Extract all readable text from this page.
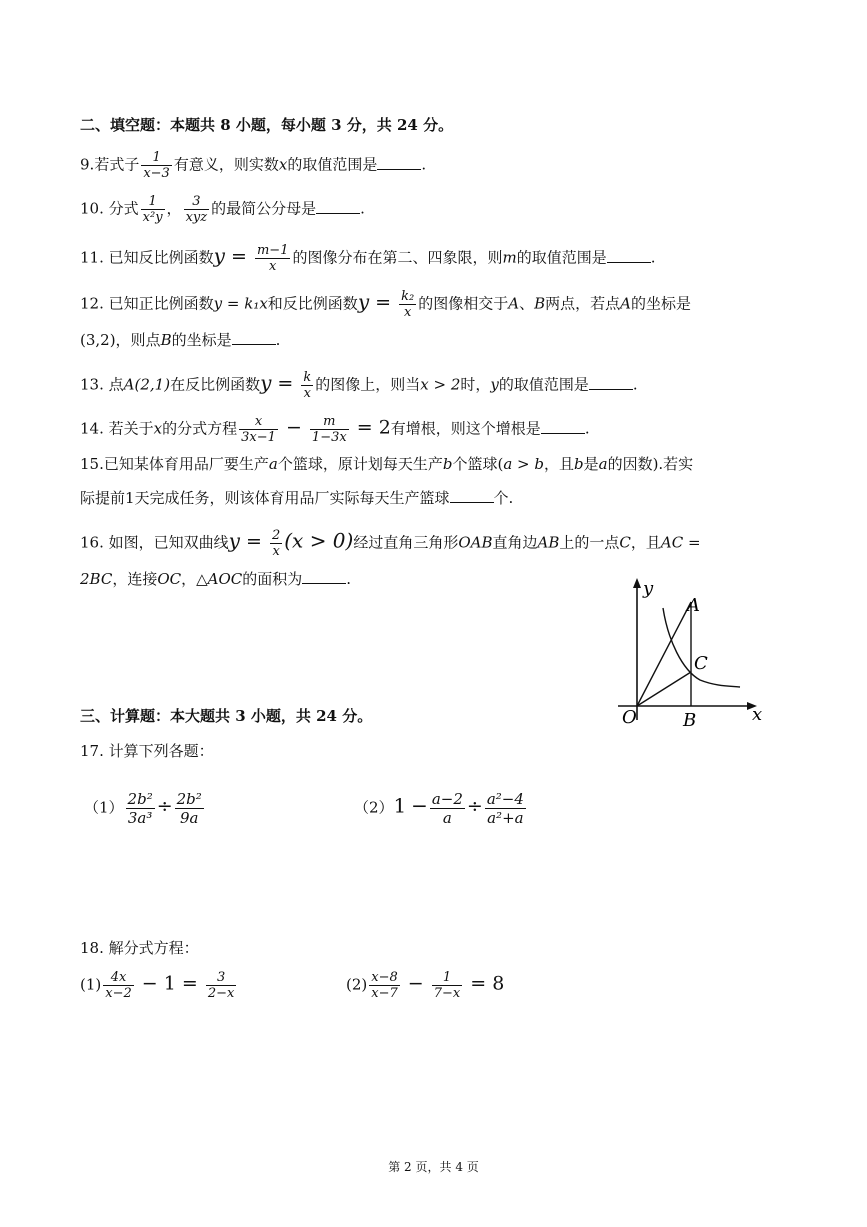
二、填空题：本题共 8 小题，每小题 3 分，共 24 分。
9.若式子 $\frac{1}{x-3}$ 有意义，则实数x的取值范围是	.
10. 分式 $\frac{1}{\text{x²y}}$ ， $\frac{3}{\text{xyz}}$ 的最简公分母是	.
11. 已知反比例函数$y = \frac{m-1}{x}$ 的图像分布在第二、四象限，则m的取值范围是	.
12. 已知正比例函数y = k₁x和反比例函数$y = \frac{\text{k₂}}{x}$ 的图像相交于A、B两点，若点A的坐标是
(3,2)，则点B的坐标是	.
13. 点A(2,1)在反比例函数$y = \frac{k}{x}$ 的图像上，则当x > 2时，y的取值范围是	.
14. 若关于x的分式方程 $\frac{x}{3x-1} - \frac{m}{1-3x} = 2$有增根，则这个增根是	.
15.已知某体育用品厂要生产a个篮球，原计划每天生产b个篮球(a > b，且b是a的因数).若实
际提前1天完成任务，则该体育用品厂实际每天生产篮球	个.
16. 如图，已知双曲线$y = \frac{2}{x} (x > 0)$经过直角三角形OAB直角边AB上的一点C，且AC =
2BC，连接OC，△AOC的面积为	.	y
x
O
A
B
C
三、计算题：本大题共 3 小题，共 24 分。
17. 计算下列各题：
$(1) \frac{\text{2b²}}{\text{3a³}} \div \frac{\text{2b²}}{9a}$	$(2)1 - \frac{a-2}{a} \div \frac{\text{a²−4}}{\text{a²+a}}$
18. 解分式方程：
$(1) \frac{4x}{x-2} - 1 = \frac{3}{2-x}$	$(2) \frac{x-8}{x-7} - \frac{1}{7-x} = 8$
第 2 页，共 4 页
